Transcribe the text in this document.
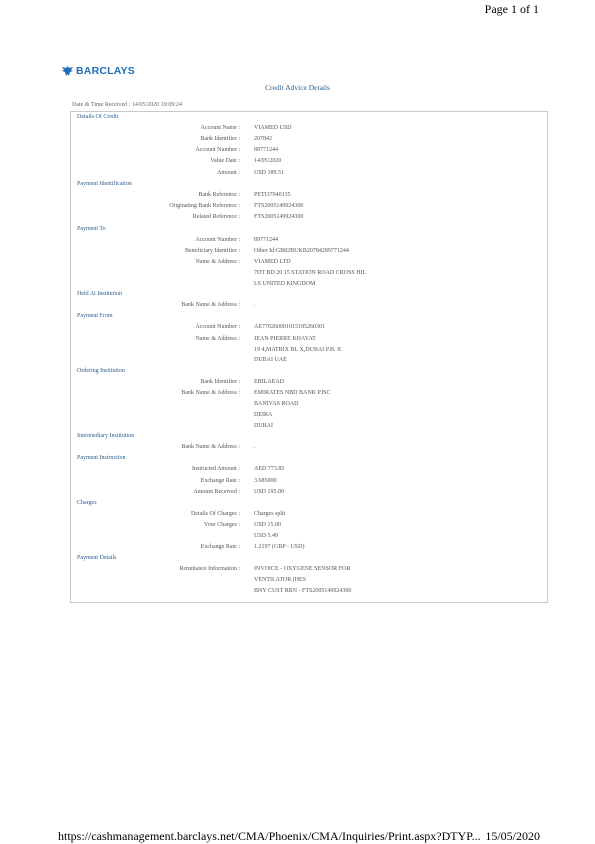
Page 1 of 1
BARCLAYS
Credit Advice Details
Date & Time Received : 14/05/2020 19:09:24
Details Of Credit
Account Name : VIAMED USD
Bank Identifier : 207842
Account Number : 89771244
Value Date : 14/05/2020
Amount : USD 189.51
Payment Identification
Bank Reference : PETI37040135
Originating Bank Reference : FTS2005149924300
Related Reference : FTS2005149924300
Payment To
Account Number : 89771244
Beneficiary Identifier : Other Id:GB82BUKB20784289771244
Name & Address : VIAMED LTD
7DT BD 20 15 STATION ROAD CROSS HIL
LS UNITED KINGDOM
Held At Institution
Bank Name & Address : .
Payment From
Account Number : AE770260001015185260301
Name & Address : JEAN PIERRE KHAYAT
19 4,MATRIX BL X,DUBAI P.B. X
DUBAI UAE
Ordering Institution
Bank Identifier : EBILAEAD
Bank Name & Address : EMIRATES NBD BANK PJSC
BANIYAS ROAD
DEIRA
DUBAI
Intermediary Institution
Bank Name & Address : .
Payment Instruction
Instructed Amount : AED 773.85
Exchange Rate : 3.685000
Amount Received : USD 195.00
Charges
Details Of Charges : Charges split
Your Charges : USD 15.00
USD 5.49
Exchange Rate : 1.2197 (GBP - USD)
Payment Details
Remittance Information : INVOICE - OXYGENE SENSOR FOR
VENTILATOR (HES
BNY CUST RRN - FTS2005149924300
https://cashmanagement.barclays.net/CMA/Phoenix/CMA/Inquiries/Print.aspx?DTYP... 15/05/2020
